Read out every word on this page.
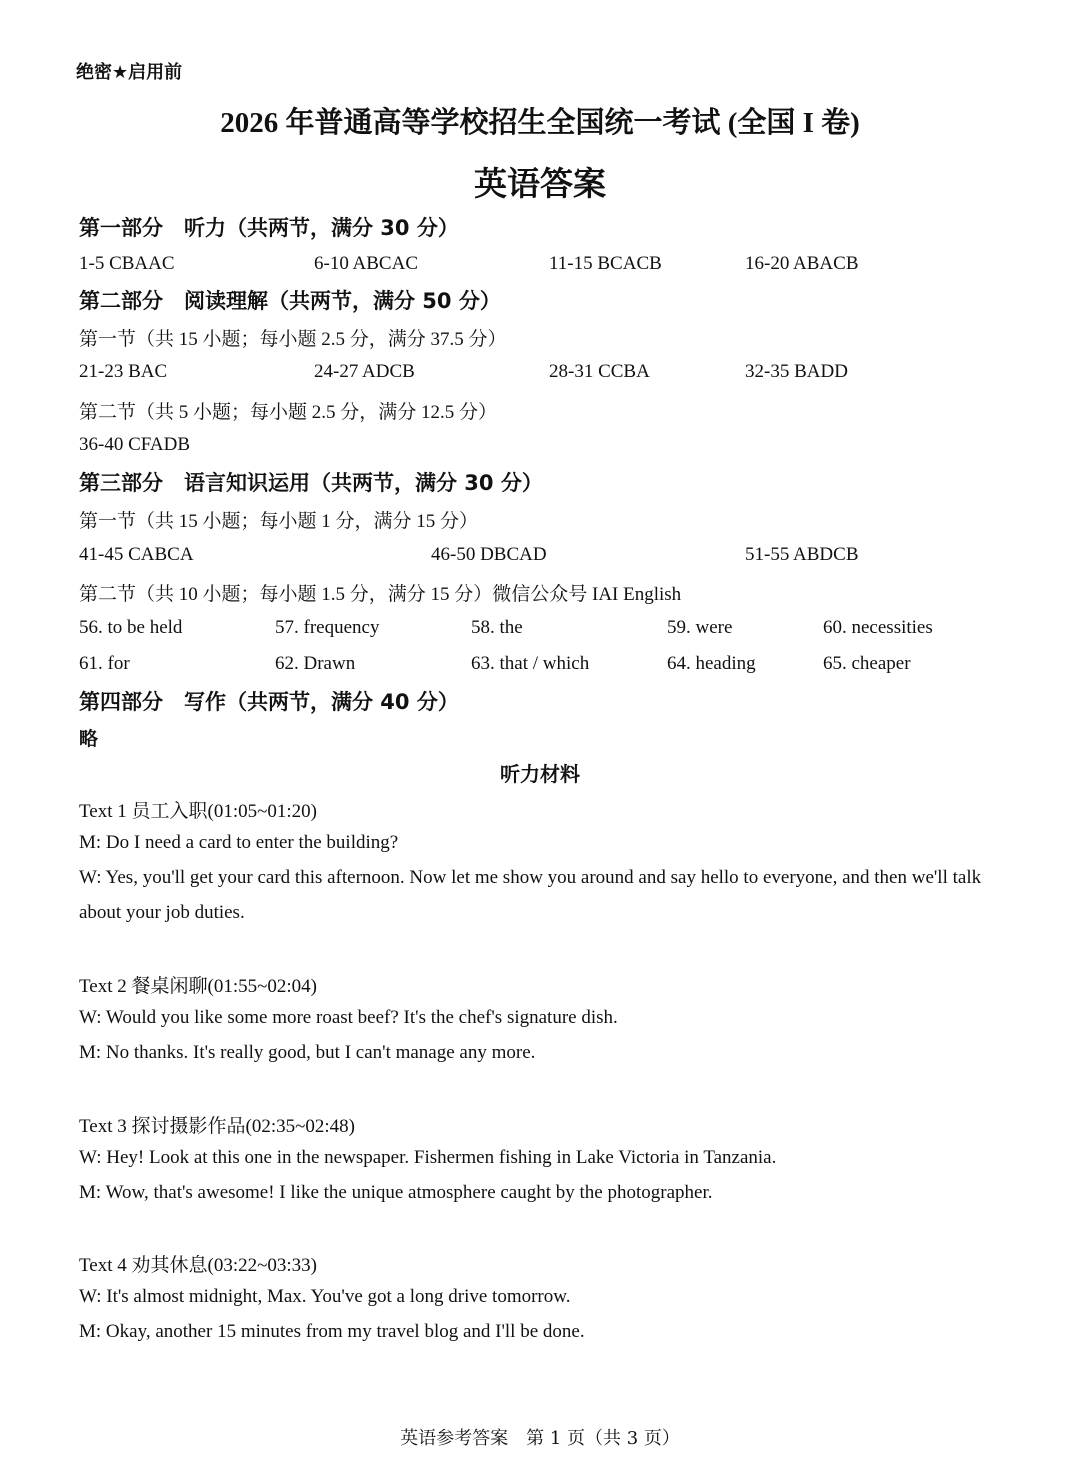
绝密★启用前
2026 年普通高等学校招生全国统一考试 (全国 I 卷)
英语答案
第一部分　听力（共两节，满分 30 分）
1-5 CBAAC	6-10 ABCAC	11-15 BCACB	16-20 ABACB
第二部分　阅读理解（共两节，满分 50 分）
第一节（共 15 小题；每小题 2.5 分，满分 37.5 分）
21-23 BAC	24-27 ADCB	28-31 CCBA	32-35 BADD
第二节（共 5 小题；每小题 2.5 分，满分 12.5 分）
36-40 CFADB
第三部分　语言知识运用（共两节，满分 30 分）
第一节（共 15 小题；每小题 1 分，满分 15 分）
41-45 CABCA	46-50 DBCAD	51-55 ABDCB
第二节（共 10 小题；每小题 1.5 分，满分 15 分）微信公众号 IAI English
56. to be held	57. frequency	58. the	59. were	60. necessities
61. for	62. Drawn	63. that / which	64. heading	65. cheaper
第四部分　写作（共两节，满分 40 分）
略
听力材料
Text 1 员工入职(01:05~01:20)
M: Do I need a card to enter the building?
W: Yes, you'll get your card this afternoon. Now let me show you around and say hello to everyone, and then we'll talk about your job duties.
Text 2 餐桌闲聊(01:55~02:04)
W: Would you like some more roast beef? It's the chef's signature dish.
M: No thanks. It's really good, but I can't manage any more.
Text 3 探讨摄影作品(02:35~02:48)
W: Hey! Look at this one in the newspaper. Fishermen fishing in Lake Victoria in Tanzania.
M: Wow, that's awesome! I like the unique atmosphere caught by the photographer.
Text 4 劝其休息(03:22~03:33)
W: It's almost midnight, Max. You've got a long drive tomorrow.
M: Okay, another 15 minutes from my travel blog and I'll be done.
英语参考答案　第 1 页（共 3 页）
